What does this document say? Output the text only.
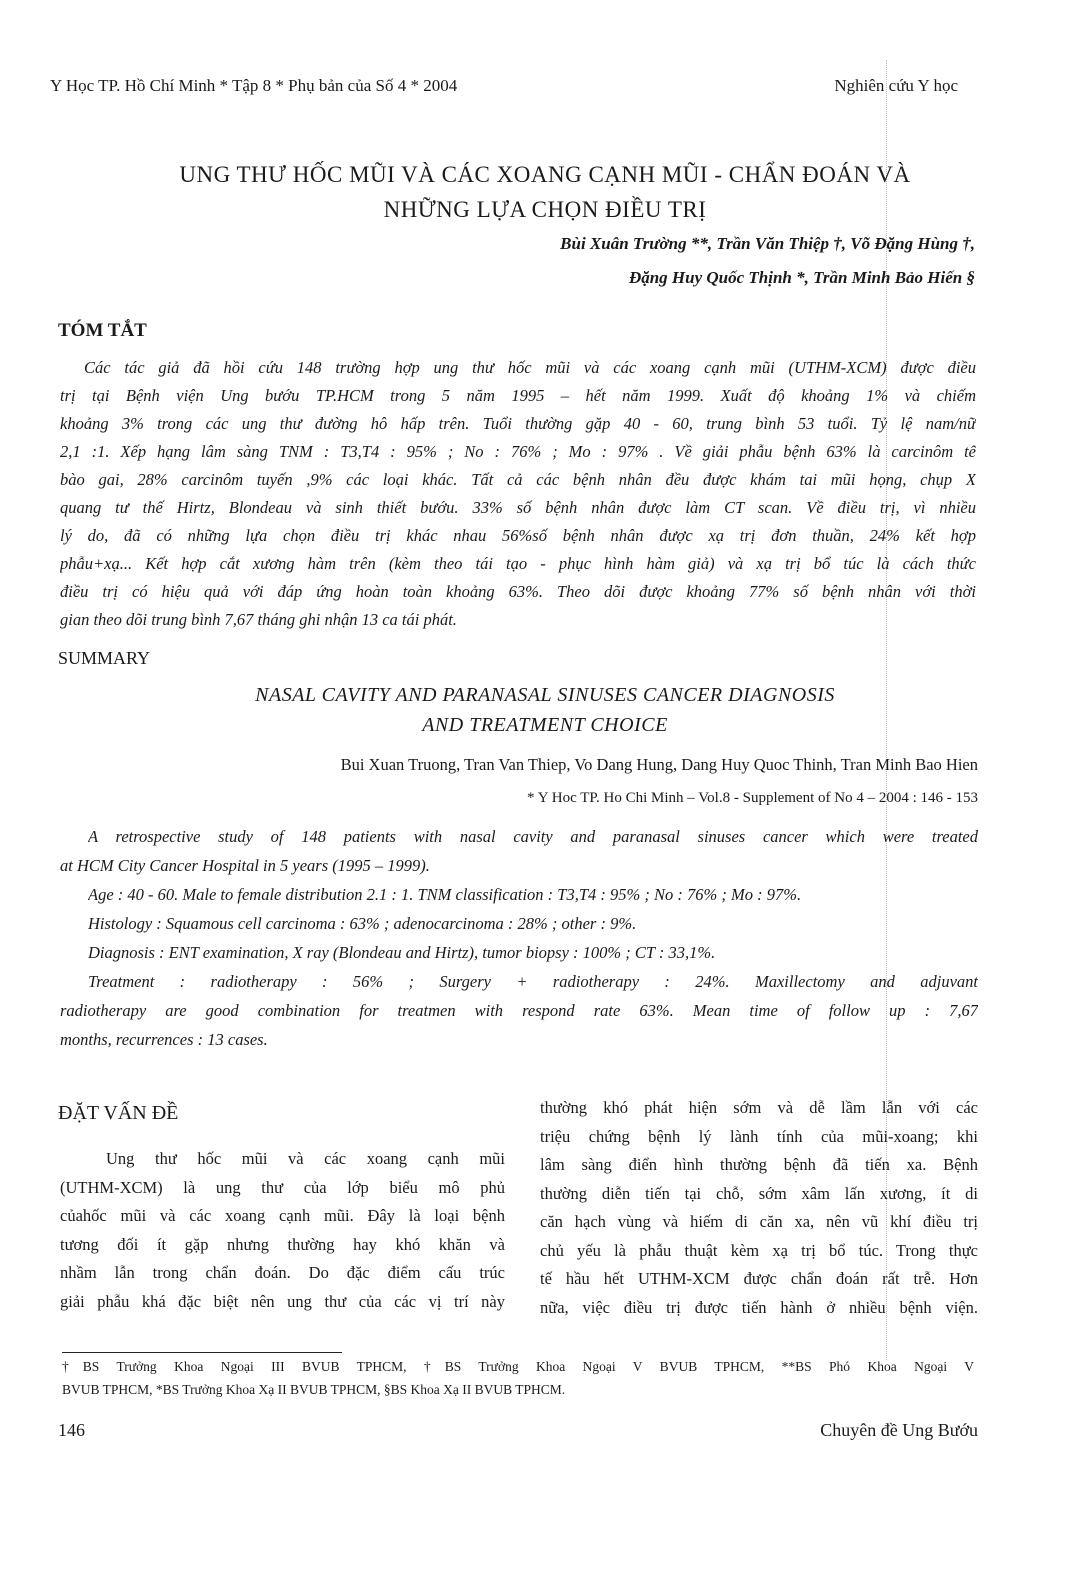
Y Học TP. Hồ Chí Minh * Tập 8 * Phụ bản của Số 4 * 2004	Nghiên cứu Y học
UNG THƯ HỐC MŨI VÀ CÁC XOANG CẠNH MŨI - CHẨN ĐOÁN VÀ
NHỮNG LỰA CHỌN ĐIỀU TRỊ
Bùi Xuân Trường **, Trần Văn Thiệp †, Võ Đặng Hùng †,
Đặng Huy Quốc Thịnh *, Trần Minh Bảo Hiến §
TÓM TẮT
Các tác giả đã hồi cứu 148 trường hợp ung thư hốc mũi và các xoang cạnh mũi (UTHM-XCM) được điều
trị tại Bệnh viện Ung bướu TP.HCM trong 5 năm 1995 – hết năm 1999. Xuất độ khoảng 1% và chiếm
khoảng 3% trong các ung thư đường hô hấp trên. Tuổi thường gặp 40 - 60, trung bình 53 tuổi. Tỷ lệ nam/nữ
2,1 :1. Xếp hạng lâm sàng TNM : T3,T4 : 95% ; No : 76% ; Mo : 97% . Về giải phẫu bệnh 63% là carcinôm tế
bào gai, 28% carcinôm tuyến ,9% các loại khác. Tất cả các bệnh nhân đều được khám tai mũi họng, chụp X
quang tư thế Hirtz, Blondeau và sinh thiết bướu. 33% số bệnh nhân được làm CT scan. Về điều trị, vì nhiều
lý do, đã có những lựa chọn điều trị khác nhau 56%số bệnh nhân được xạ trị đơn thuần, 24% kết hợp
phẫu+xạ... Kết hợp cắt xương hàm trên (kèm theo tái tạo - phục hình hàm giả) và xạ trị bổ túc là cách thức
điều trị có hiệu quả với đáp ứng hoàn toàn khoảng 63%. Theo dõi được khoảng 77% số bệnh nhân với thời
gian theo dõi trung bình 7,67 tháng ghi nhận 13 ca tái phát.
SUMMARY
NASAL CAVITY AND PARANASAL SINUSES CANCER DIAGNOSIS
AND TREATMENT CHOICE
Bui Xuan Truong, Tran Van Thiep, Vo Dang Hung, Dang Huy Quoc Thinh, Tran Minh Bao Hien
* Y Hoc TP. Ho Chi Minh – Vol.8 - Supplement of No 4 – 2004 : 146 - 153
A retrospective study of 148 patients with nasal cavity and paranasal sinuses cancer which were treated
at HCM City Cancer Hospital in 5 years (1995 – 1999).
Age : 40 - 60. Male to female distribution 2.1 : 1. TNM classification : T3,T4 : 95% ; No : 76% ; Mo : 97%.
Histology : Squamous cell carcinoma : 63% ; adenocarcinoma : 28% ; other : 9%.
Diagnosis : ENT examination, X ray (Blondeau and Hirtz), tumor biopsy : 100% ; CT : 33,1%.
Treatment : radiotherapy : 56% ; Surgery + radiotherapy : 24%. Maxillectomy and adjuvant
radiotherapy are good combination for treatmen with respond rate 63%. Mean time of follow up : 7,67
months, recurrences : 13 cases.
ĐẶT VẤN ĐỀ
Ung thư hốc mũi và các xoang cạnh mũi
(UTHM-XCM) là ung thư của lớp biểu mô phủ
củahốc mũi và các xoang cạnh mũi. Đây là loại bệnh
tương đối ít gặp nhưng thường hay khó khăn và
nhầm lẫn trong chẩn đoán. Do đặc điểm cấu trúc
giải phẫu khá đặc biệt nên ung thư của các vị trí này
thường khó phát hiện sớm và dễ lầm lẫn với các
triệu chứng bệnh lý lành tính của mũi-xoang; khi
lâm sàng điển hình thường bệnh đã tiến xa. Bệnh
thường diễn tiến tại chỗ, sớm xâm lấn xương, ít di
căn hạch vùng và hiếm di căn xa, nên vũ khí điều trị
chủ yếu là phẫu thuật kèm xạ trị bổ túc. Trong thực
tế hầu hết UTHM-XCM được chẩn đoán rất trễ. Hơn
nữa, việc điều trị được tiến hành ở nhiều bệnh viện.
†BS Trưởng Khoa Ngoại III BVUB TPHCM, †BS Trưởng Khoa Ngoại V BVUB TPHCM, **BS Phó Khoa Ngoại V
BVUB TPHCM, *BS Trưởng Khoa Xạ II BVUB TPHCM, §BS Khoa Xạ II BVUB TPHCM.
146	Chuyên đề Ung Bướu
